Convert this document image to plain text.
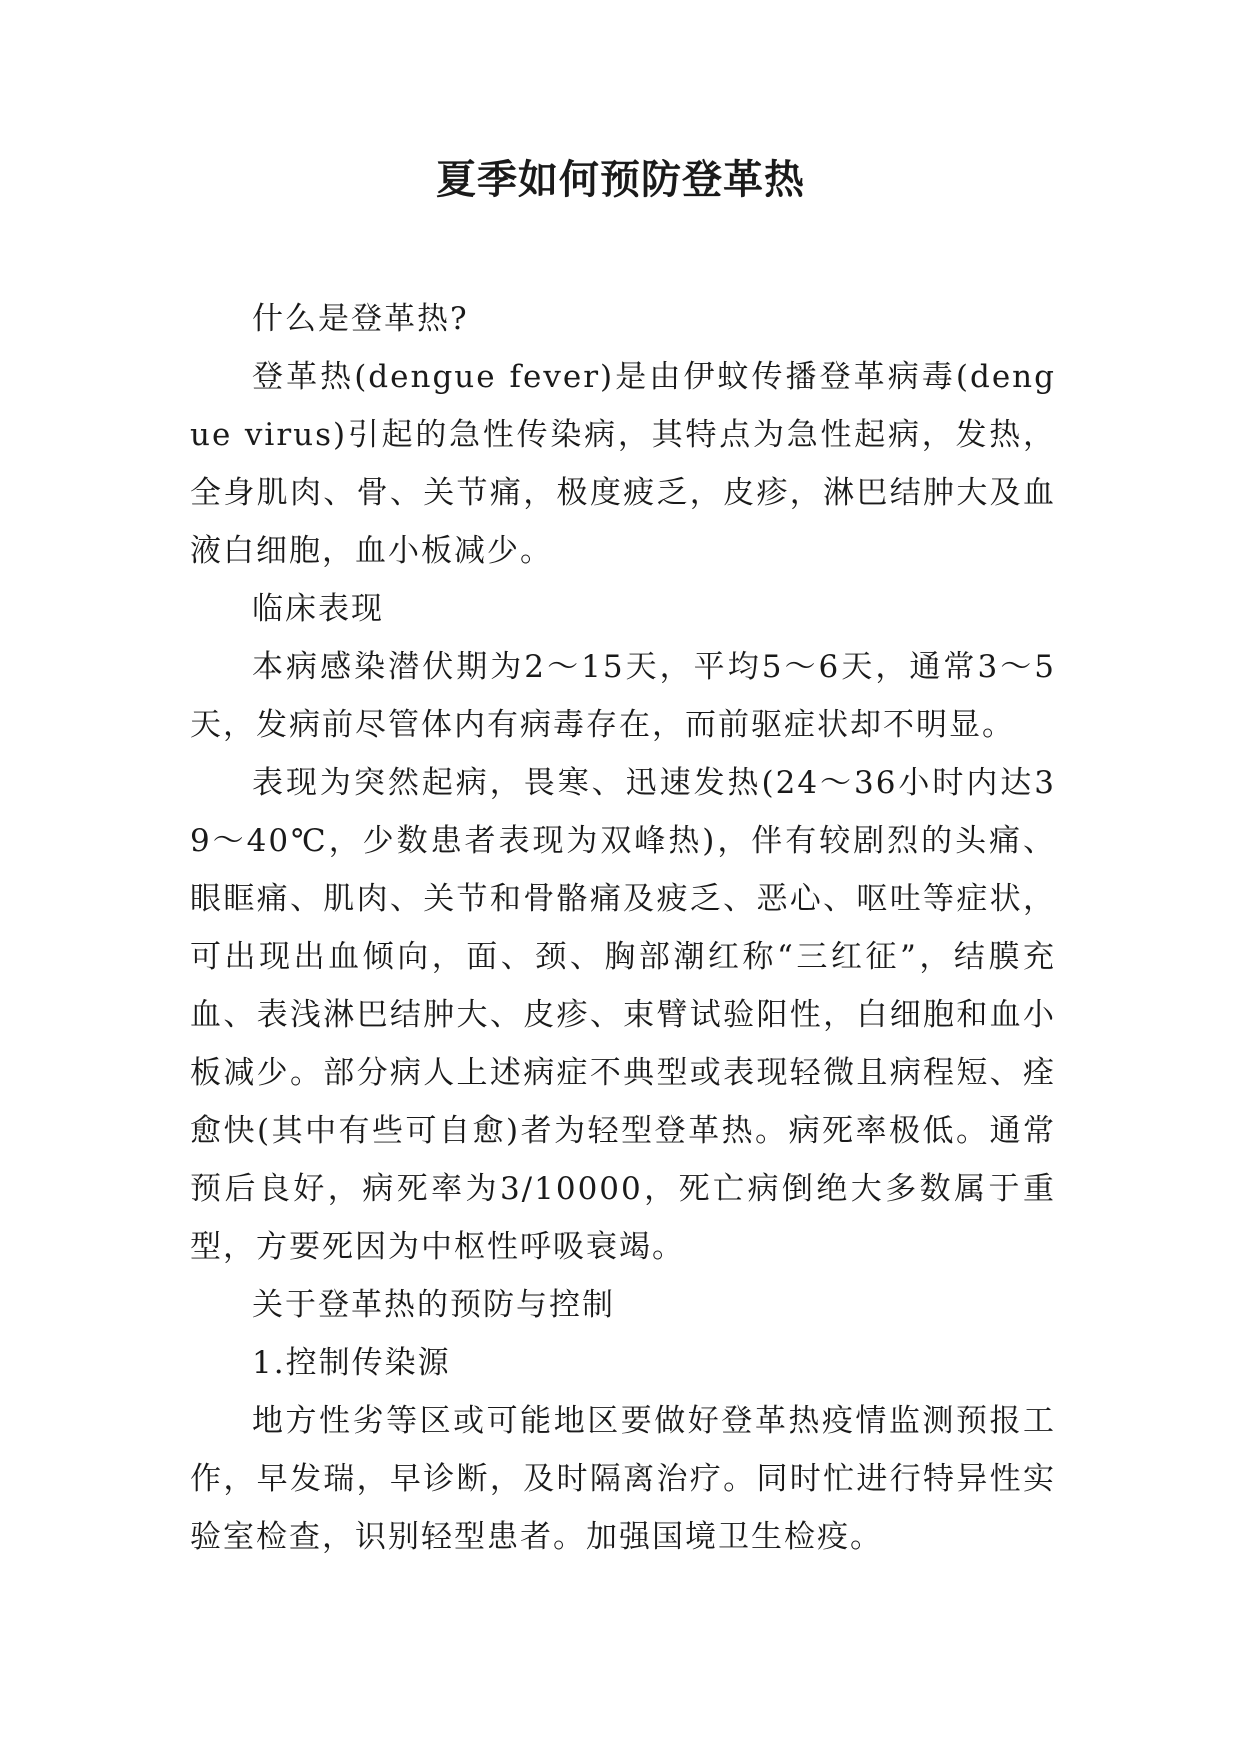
夏季如何预防登革热

什么是登革热?

登革热(dengue fever)是由伊蚊传播登革病毒(dengue virus)引起的急性传染病，其特点为急性起病，发热，全身肌肉、骨、关节痛，极度疲乏，皮疹，淋巴结肿大及血液白细胞，血小板减少。

临床表现

本病感染潜伏期为2～15天，平均5～6天，通常3～5天，发病前尽管体内有病毒存在，而前驱症状却不明显。

表现为突然起病，畏寒、迅速发热(24～36小时内达39～40℃，少数患者表现为双峰热)，伴有较剧烈的头痛、眼眶痛、肌肉、关节和骨骼痛及疲乏、恶心、呕吐等症状，可出现出血倾向，面、颈、胸部潮红称“三红征”，结膜充血、表浅淋巴结肿大、皮疹、束臂试验阳性，白细胞和血小板减少。部分病人上述病症不典型或表现轻微且病程短、痊愈快(其中有些可自愈)者为轻型登革热。病死率极低。通常预后良好，病死率为3/10000，死亡病倒绝大多数属于重型，方要死因为中枢性呼吸衰竭。

关于登革热的预防与控制

1.控制传染源

地方性劣等区或可能地区要做好登革热疫情监测预报工作，早发瑞，早诊断，及时隔离治疗。同时忙进行特异性实验室检查，识别轻型患者。加强国境卫生检疫。
